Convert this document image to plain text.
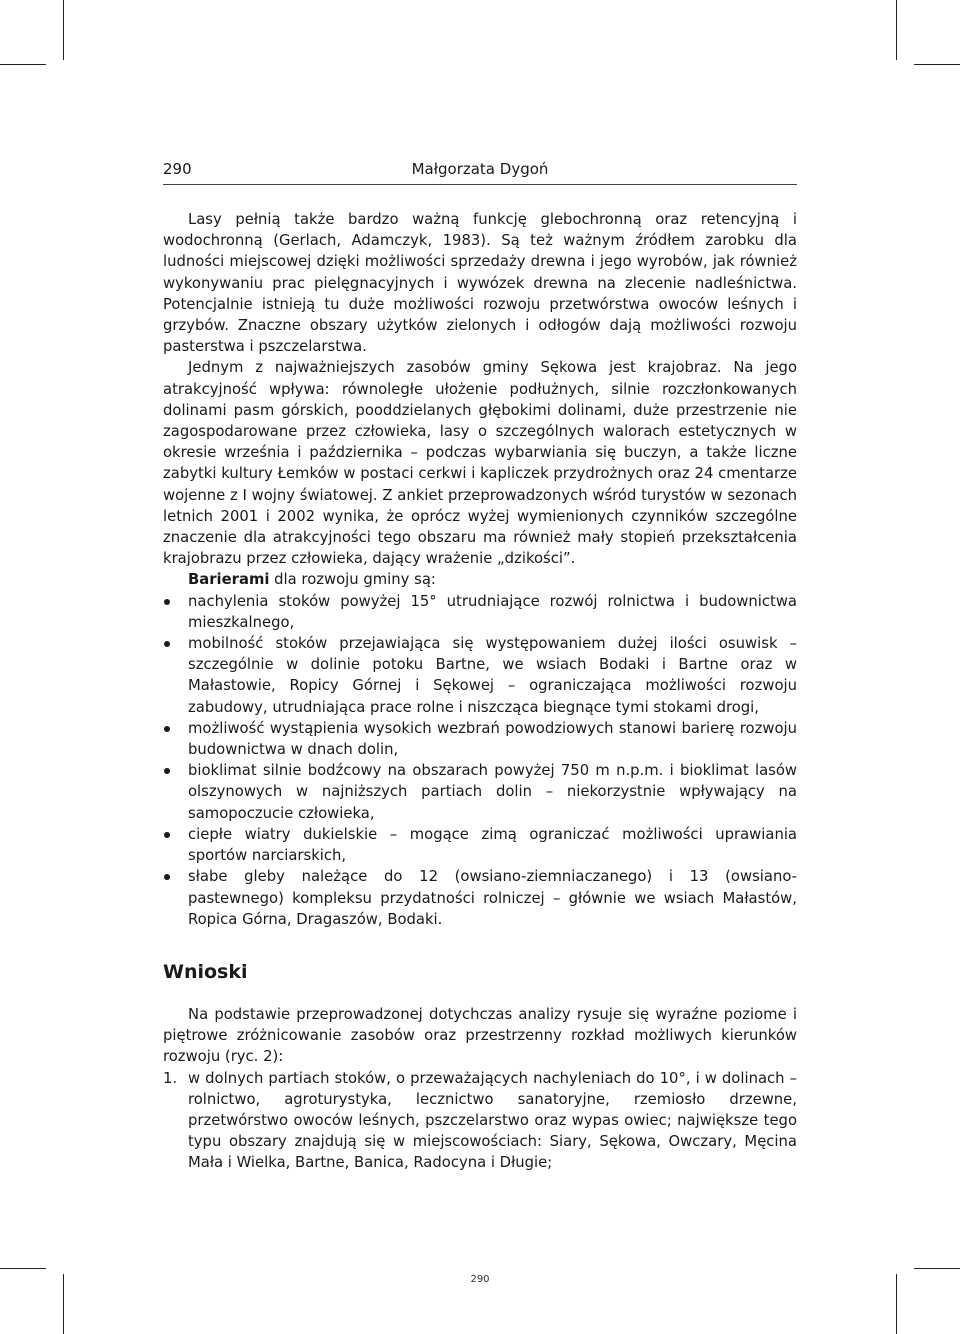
290	Małgorzata Dygoń

Lasy pełnią także bardzo ważną funkcję glebochronną oraz retencyjną i wodochronną (Gerlach, Adamczyk, 1983). Są też ważnym źródłem zarobku dla ludności miejscowej dzięki możliwości sprzedaży drewna i jego wyrobów, jak również wykonywaniu prac pielęgnacyjnych i wywózek drewna na zlecenie nadleśnictwa. Potencjalnie istnieją tu duże możliwości rozwoju przetwórstwa owoców leśnych i grzybów. Znaczne obszary użytków zielonych i odłogów dają możliwości rozwoju pasterstwa i pszczelarstwa.

Jednym z najważniejszych zasobów gminy Sękowa jest krajobraz. Na jego atrakcyjność wpływa: równoległe ułożenie podłużnych, silnie rozczłonkowanych dolinami pasm górskich, pooddzielanych głębokimi dolinami, duże przestrzenie nie zagospodarowane przez człowieka, lasy o szczególnych walorach estetycznych w okresie września i października – podczas wybarwiania się buczyn, a także liczne zabytki kultury Łemków w postaci cerkwi i kapliczek przydrożnych oraz 24 cmentarze wojenne z I wojny światowej. Z ankiet przeprowadzonych wśród turystów w sezonach letnich 2001 i 2002 wynika, że oprócz wyżej wymienionych czynników szczególne znaczenie dla atrakcyjności tego obszaru ma również mały stopień przekształcenia krajobrazu przez człowieka, dający wrażenie „dzikości”.

Barierami dla rozwoju gminy są:

nachylenia stoków powyżej 15° utrudniające rozwój rolnictwa i budownictwa mieszkalnego,
mobilność stoków przejawiająca się występowaniem dużej ilości osuwisk – szczególnie w dolinie potoku Bartne, we wsiach Bodaki i Bartne oraz w Małastowie, Ropicy Górnej i Sękowej – ograniczająca możliwości rozwoju zabudowy, utrudniająca prace rolne i niszcząca biegnące tymi stokami drogi,
możliwość wystąpienia wysokich wezbrań powodziowych stanowi barierę rozwoju budownictwa w dnach dolin,
bioklimat silnie bodźcowy na obszarach powyżej 750 m n.p.m. i bioklimat lasów olszynowych w najniższych partiach dolin – niekorzystnie wpływający na samopoczucie człowieka,
ciepłe wiatry dukielskie – mogące zimą ograniczać możliwości uprawiania sportów narciarskich,
słabe gleby należące do 12 (owsiano-ziemniaczanego) i 13 (owsiano-pastewnego) kompleksu przydatności rolniczej – głównie we wsiach Małastów, Ropica Górna, Dragaszów, Bodaki.
Wnioski

Na podstawie przeprowadzonej dotychczas analizy rysuje się wyraźne poziome i piętrowe zróżnicowanie zasobów oraz przestrzenny rozkład możliwych kierunków rozwoju (ryc. 2):

1. w dolnych partiach stoków, o przeważających nachyleniach do 10°, i w dolinach – rolnictwo, agroturystyka, lecznictwo sanatoryjne, rzemiosło drzewne, przetwórstwo owoców leśnych, pszczelarstwo oraz wypas owiec; największe tego typu obszary znajdują się w miejscowościach: Siary, Sękowa, Owczary, Męcina Mała i Wielka, Bartne, Banica, Radocyna i Długie;
290
